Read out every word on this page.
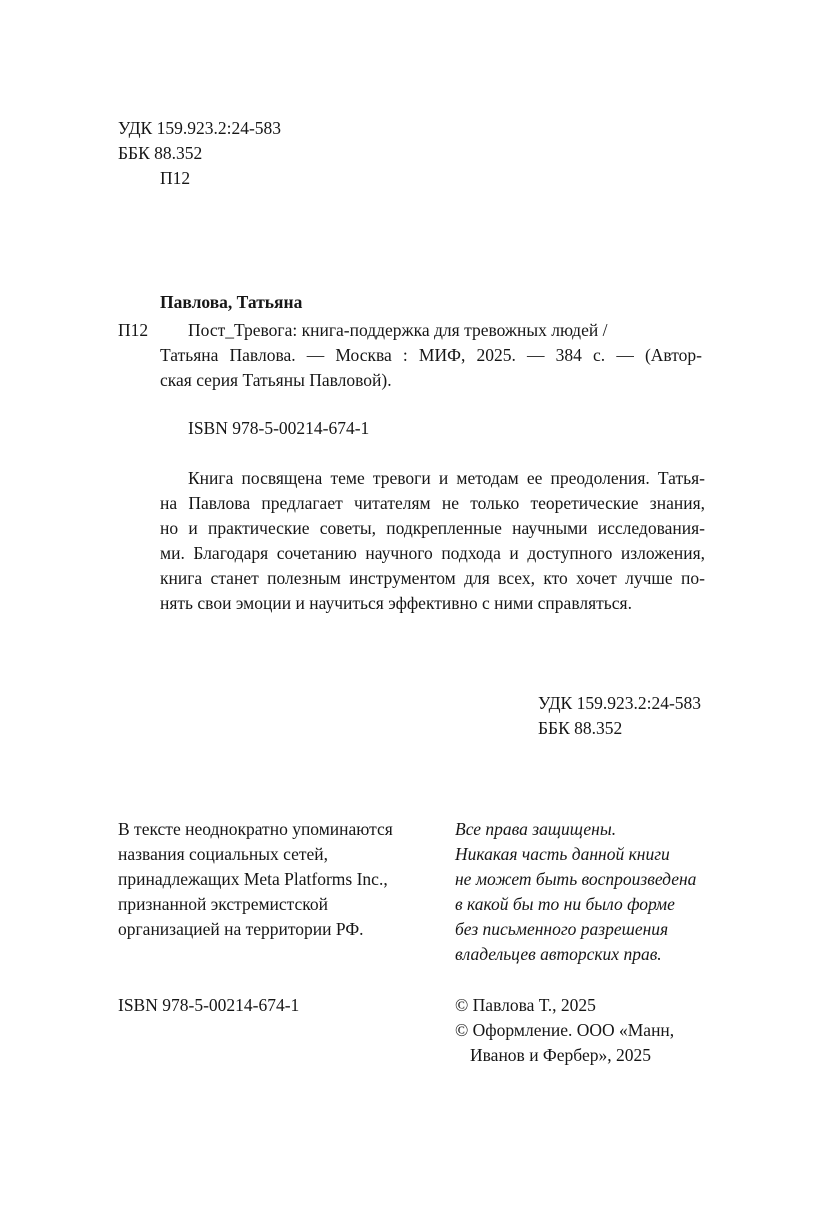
УДК 159.923.2:24-583
ББК 88.352
П12
Павлова, Татьяна
П12 Пост_Тревога: книга-поддержка для тревожных людей /
Татьяна Павлова. — Москва : МИФ, 2025. — 384 с. — (Автор-
ская серия Татьяны Павловой).
ISBN 978-5-00214-674-1
Книга посвящена теме тревоги и методам ее преодоления. Татья-
на Павлова предлагает читателям не только теоретические знания,
но и практические советы, подкрепленные научными исследования-
ми. Благодаря сочетанию научного подхода и доступного изложения,
книга станет полезным инструментом для всех, кто хочет лучше по-
нять свои эмоции и научиться эффективно с ними справляться.
УДК 159.923.2:24-583
ББК 88.352
В тексте неоднократно упоминаются
названия социальных сетей,
принадлежащих Meta Platforms Inc.,
признанной экстремистской
организацией на территории РФ.
Все права защищены.
Никакая часть данной книги
не может быть воспроизведена
в какой бы то ни было форме
без письменного разрешения
владельцев авторских прав.
ISBN 978-5-00214-674-1	© Павлова Т., 2025
© Оформление. ООО «Манн,
Иванов и Фербер», 2025
